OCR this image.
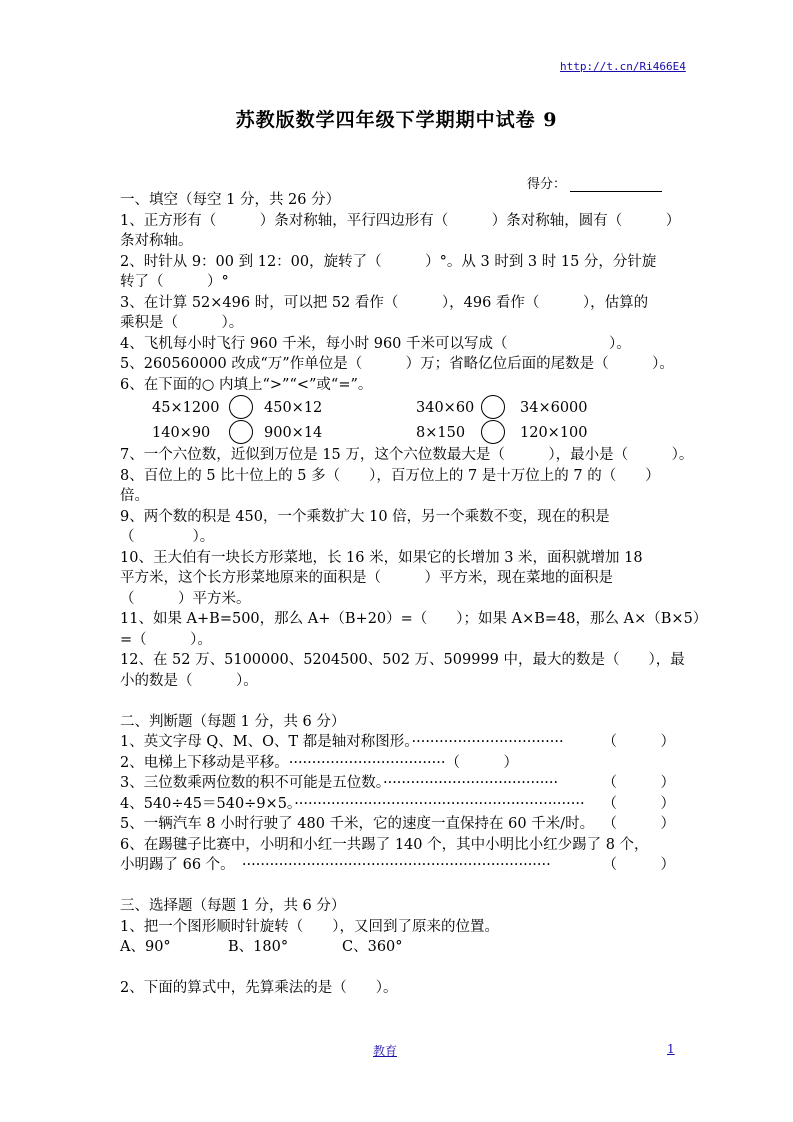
http://t.cn/Ri466E4
苏教版数学四年级下学期期中试卷 9
得分：
一、填空（每空 1 分，共 26 分）
1、正方形有（　　　）条对称轴，平行四边形有（　　　）条对称轴，圆有（　　　）
条对称轴。
2、时针从 9：00 到 12：00，旋转了（　　　）°。从 3 时到 3 时 15 分，分针旋
转了（　　　）°
3、在计算 52×496 时，可以把 52 看作（　　　），496 看作（　　　），估算的
乘积是（　　　）。
4、飞机每小时飞行 960 千米，每小时 960 千米可以写成（　　　　　　　）。
5、260560000 改成“万”作单位是（　　　）万；省略亿位后面的尾数是（　　　）。
6、在下面的○ 内填上“>”“<”或“=”。
45×1200	450×12	340×60	34×6000
140×90	900×14	8×150	120×100
7、一个六位数，近似到万位是 15 万，这个六位数最大是（　　　），最小是（　　　）。
8、百位上的 5 比十位上的 5 多（　　），百万位上的 7 是十万位上的 7 的（　　）
倍。
9、两个数的积是 450，一个乘数扩大 10 倍，另一个乘数不变，现在的积是
（　　　　）。
10、王大伯有一块长方形菜地，长 16 米，如果它的长增加 3 米，面积就增加 18
平方米，这个长方形菜地原来的面积是（　　　）平方米，现在菜地的面积是
（　　　）平方米。
11、如果 A+B=500，那么 A+（B+20）=（　　）；如果 A×B=48，那么 A×（B×5）
=（　　　）。
12、在 52 万、5100000、5204500、502 万、509999 中，最大的数是（　　），最
小的数是（　　　）。
二、判断题（每题 1 分，共 6 分）
1、英文字母 Q、M、O、T 都是轴对称图形。·································	（　　　）
2、电梯上下移动是平移。 ·································· （　　　）
3、三位数乘两位数的积不可能是五位数。······································	（　　　）
4、540÷45＝540÷9×5。······························································· （　　　）
5、一辆汽车 8 小时行驶了 480 千米，它的速度一直保持在 60 千米/时。 （　　　）
6、在踢毽子比赛中，小明和小红一共踢了 140 个，其中小明比小红少踢了 8 个，
小明踢了 66 个。　 ···································································	（　　　）
三、选择题（每题 1 分，共 6 分）
1、把一个图形顺时针旋转（　　），又回到了原来的位置。
A、90°	B、180°	C、360°
2、下面的算式中，先算乘法的是（　　）。
教育	1
